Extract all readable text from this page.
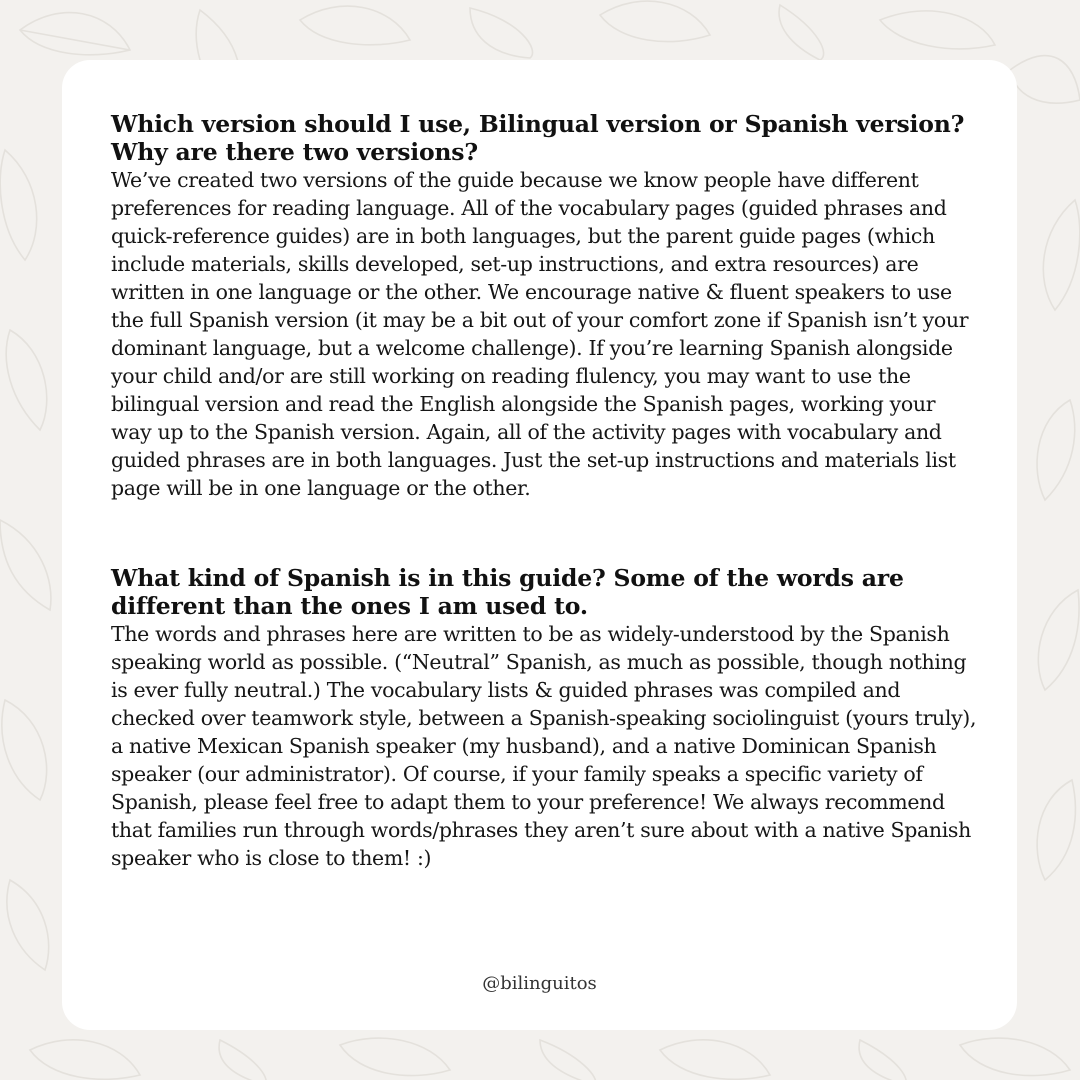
Which version should I use, Bilingual version or Spanish version? Why are there two versions?

We’ve created two versions of the guide because we know people have different preferences for reading language. All of the vocabulary pages (guided phrases and quick-reference guides) are in both languages, but the parent guide pages (which include materials, skills developed, set-up instructions, and extra resources) are written in one language or the other. We encourage native & fluent speakers to use the full Spanish version (it may be a bit out of your comfort zone if Spanish isn’t your dominant language, but a welcome challenge). If you’re learning Spanish alongside your child and/or are still working on reading flulency, you may want to use the bilingual version and read the English alongside the Spanish pages, working your way up to the Spanish version. Again, all of the activity pages with vocabulary and guided phrases are in both languages. Just the set-up instructions and materials list page will be in one language or the other.

What kind of Spanish is in this guide? Some of the words are different than the ones I am used to.

The words and phrases here are written to be as widely-understood by the Spanish speaking world as possible. (“Neutral” Spanish, as much as possible, though nothing is ever fully neutral.) The vocabulary lists & guided phrases was compiled and checked over teamwork style, between a Spanish-speaking sociolinguist (yours truly), a native Mexican Spanish speaker (my husband), and a native Dominican Spanish speaker (our administrator). Of course, if your family speaks a specific variety of Spanish, please feel free to adapt them to your preference! We always recommend that families run through words/phrases they aren’t sure about with a native Spanish speaker who is close to them! :)

@bilinguitos
